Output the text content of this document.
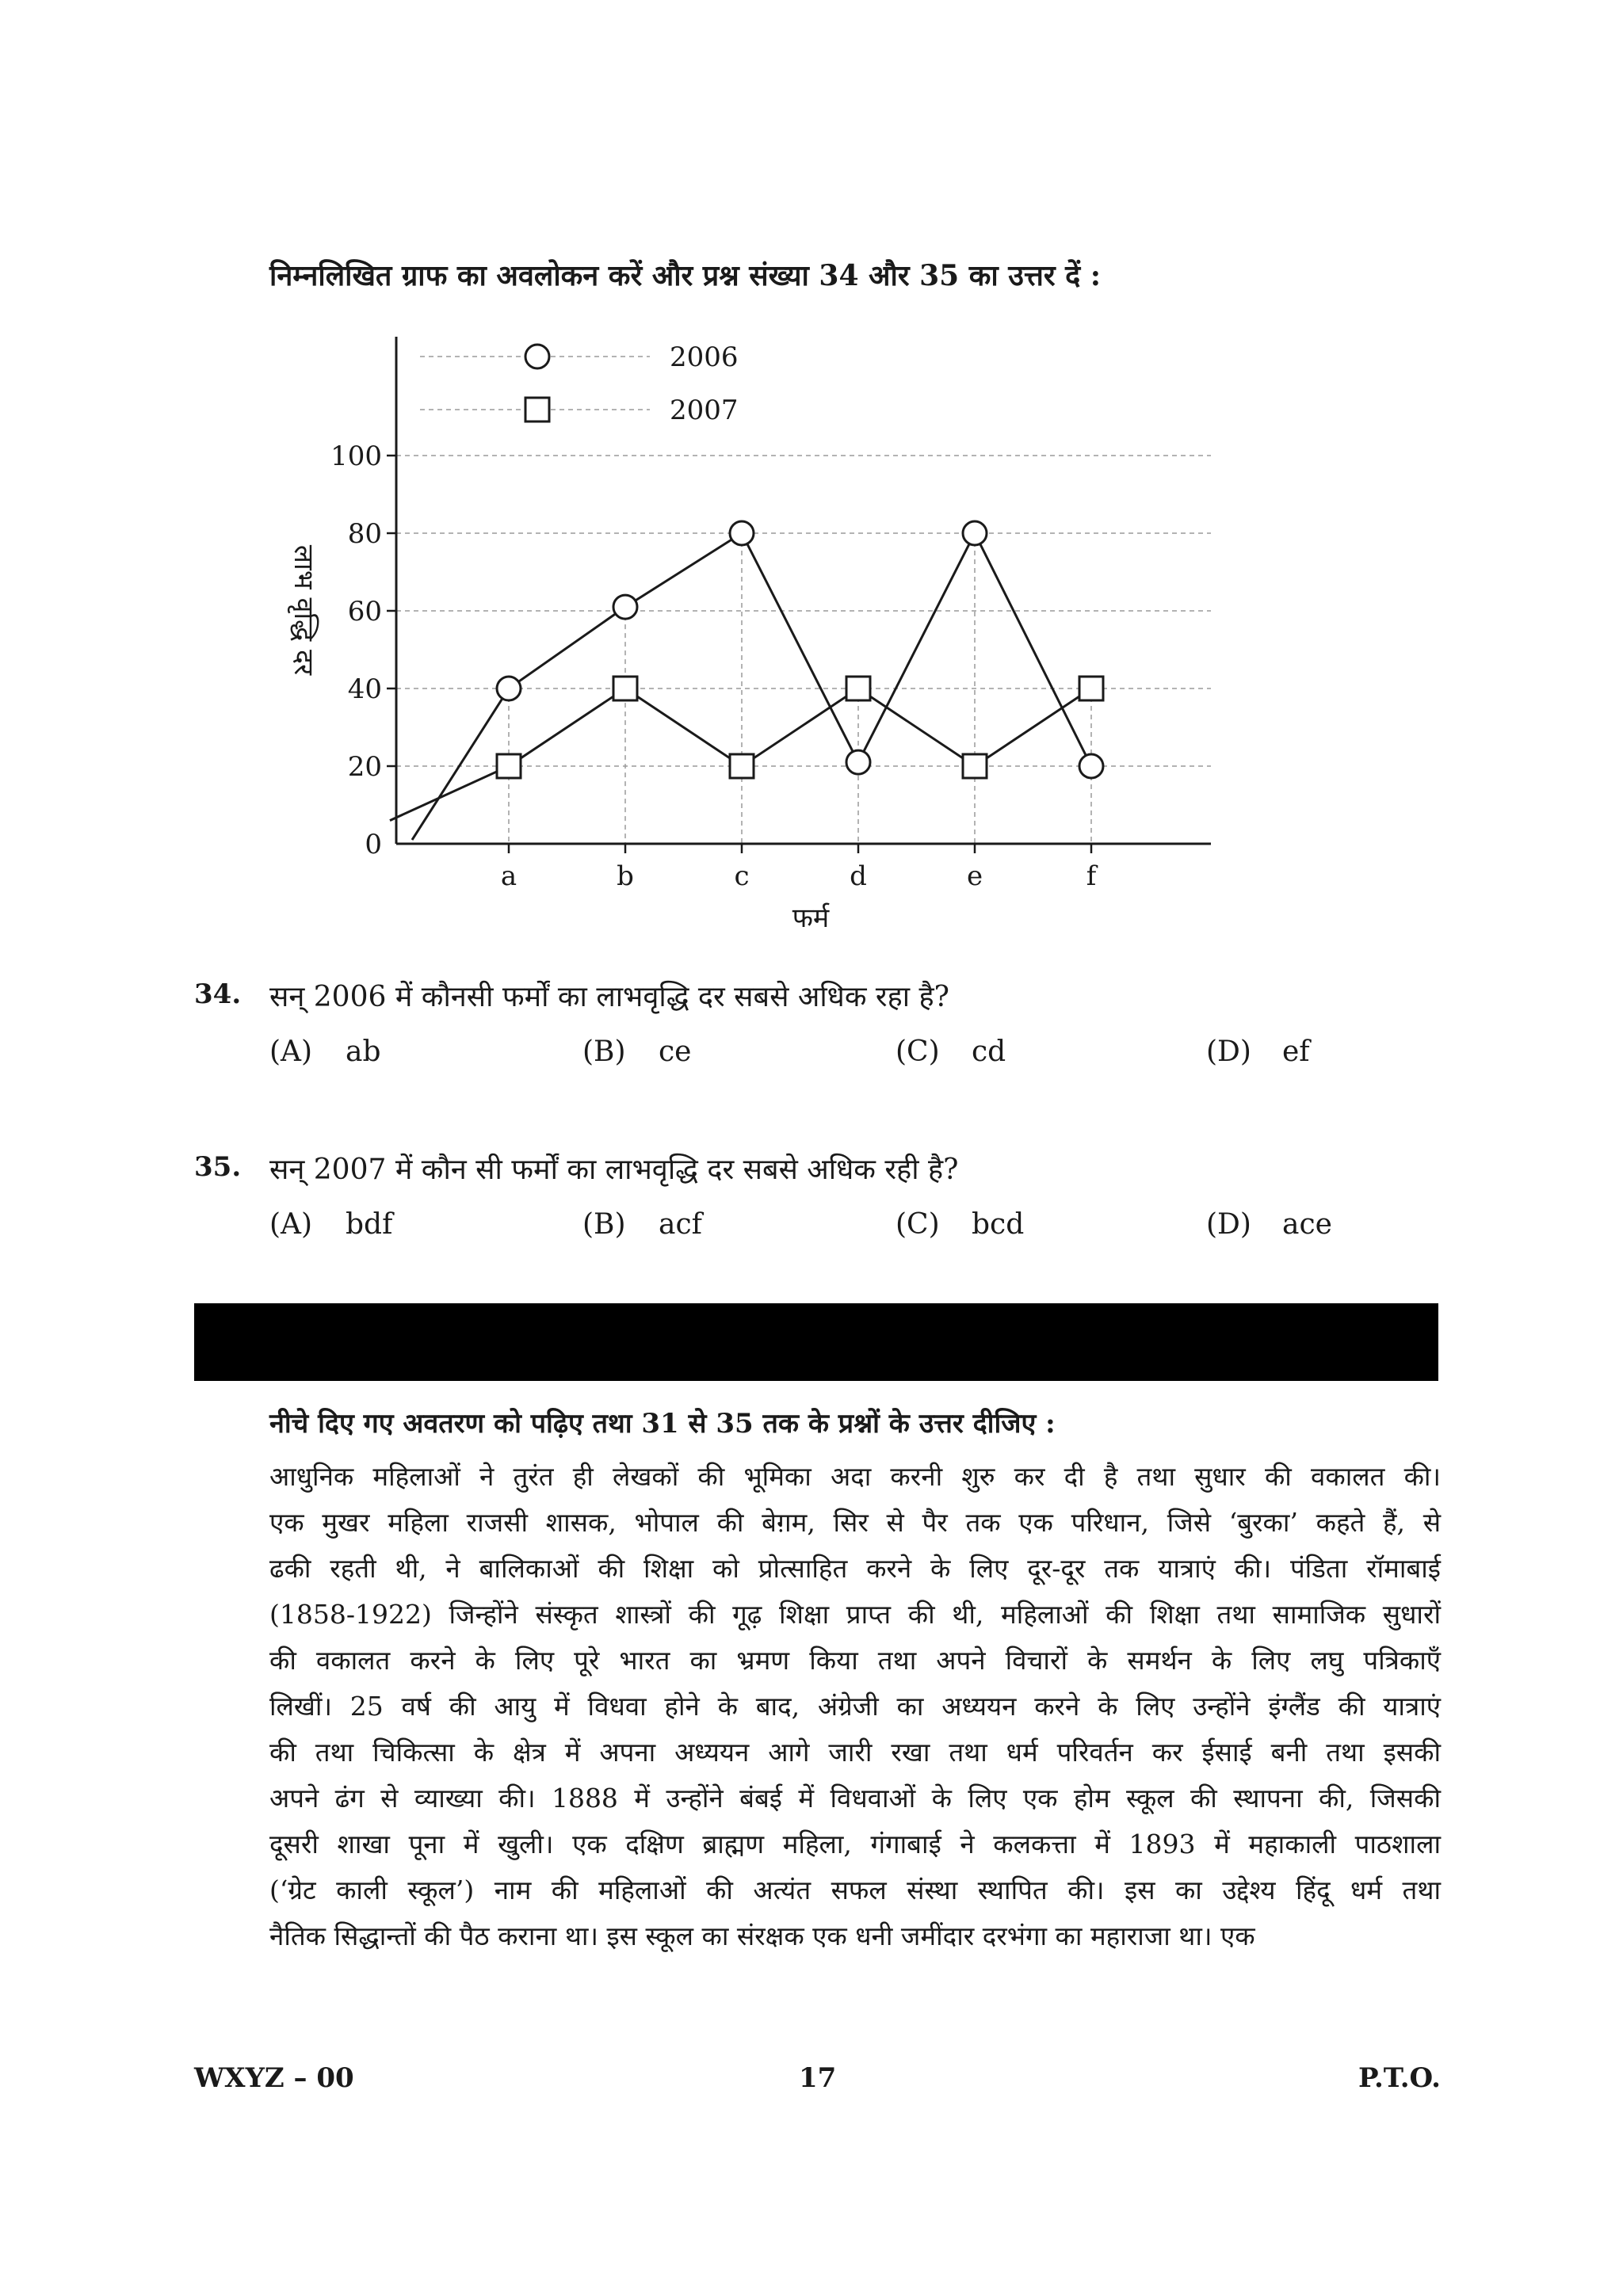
निम्नलिखित ग्राफ का अवलोकन करें और प्रश्न संख्या 34 और 35 का उत्तर दें :
0
20
40
60
80
100
a	b	c	d	e	f
2006
2007
लाभ वृद्धि दर
फर्म
34. सन् 2006 में कौनसी फर्मों का लाभवृद्धि दर सबसे अधिक रहा है?
(A) ab	(B) ce	(C) cd	(D) ef
35. सन् 2007 में कौन सी फर्मों का लाभवृद्धि दर सबसे अधिक रही है?
(A) bdf	(B) acf	(C) bcd	(D) ace
नीचे दिए गए अवतरण को पढ़िए तथा 31 से 35 तक के प्रश्नों के उत्तर दीजिए :
आधुनिक महिलाओं ने तुरंत ही लेखकों की भूमिका अदा करनी शुरु कर दी है तथा सुधार की वकालत की।
एक मुखर महिला राजसी शासक, भोपाल की बेग़म, सिर से पैर तक एक परिधान, जिसे ‘बुरका’ कहते हैं, से
ढकी रहती थी, ने बालिकाओं की शिक्षा को प्रोत्साहित करने के लिए दूर-दूर तक यात्राएं की। पंडिता रॉमाबाई
(1858-1922) जिन्होंने संस्कृत शास्त्रों की गूढ़ शिक्षा प्राप्त की थी, महिलाओं की शिक्षा तथा सामाजिक सुधारों
की वकालत करने के लिए पूरे भारत का भ्रमण किया तथा अपने विचारों के समर्थन के लिए लघु पत्रिकाएँ
लिखीं। 25 वर्ष की आयु में विधवा होने के बाद, अंग्रेजी का अध्ययन करने के लिए उन्होंने इंग्लैंड की यात्राएं
की तथा चिकित्सा के क्षेत्र में अपना अध्ययन आगे जारी रखा तथा धर्म परिवर्तन कर ईसाई बनी तथा इसकी
अपने ढंग से व्याख्या की। 1888 में उन्होंने बंबई में विधवाओं के लिए एक होम स्कूल की स्थापना की, जिसकी
दूसरी शाखा पूना में खुली। एक दक्षिण ब्राह्मण महिला, गंगाबाई ने कलकत्ता में 1893 में महाकाली पाठशाला
(‘ग्रेट काली स्कूल’) नाम की महिलाओं की अत्यंत सफल संस्था स्थापित की। इस का उद्देश्य हिंदू धर्म तथा
नैतिक सिद्धान्तों की पैठ कराना था। इस स्कूल का संरक्षक एक धनी जमींदार दरभंगा का महाराजा था। एक
WXYZ – 00	17	P.T.O.
